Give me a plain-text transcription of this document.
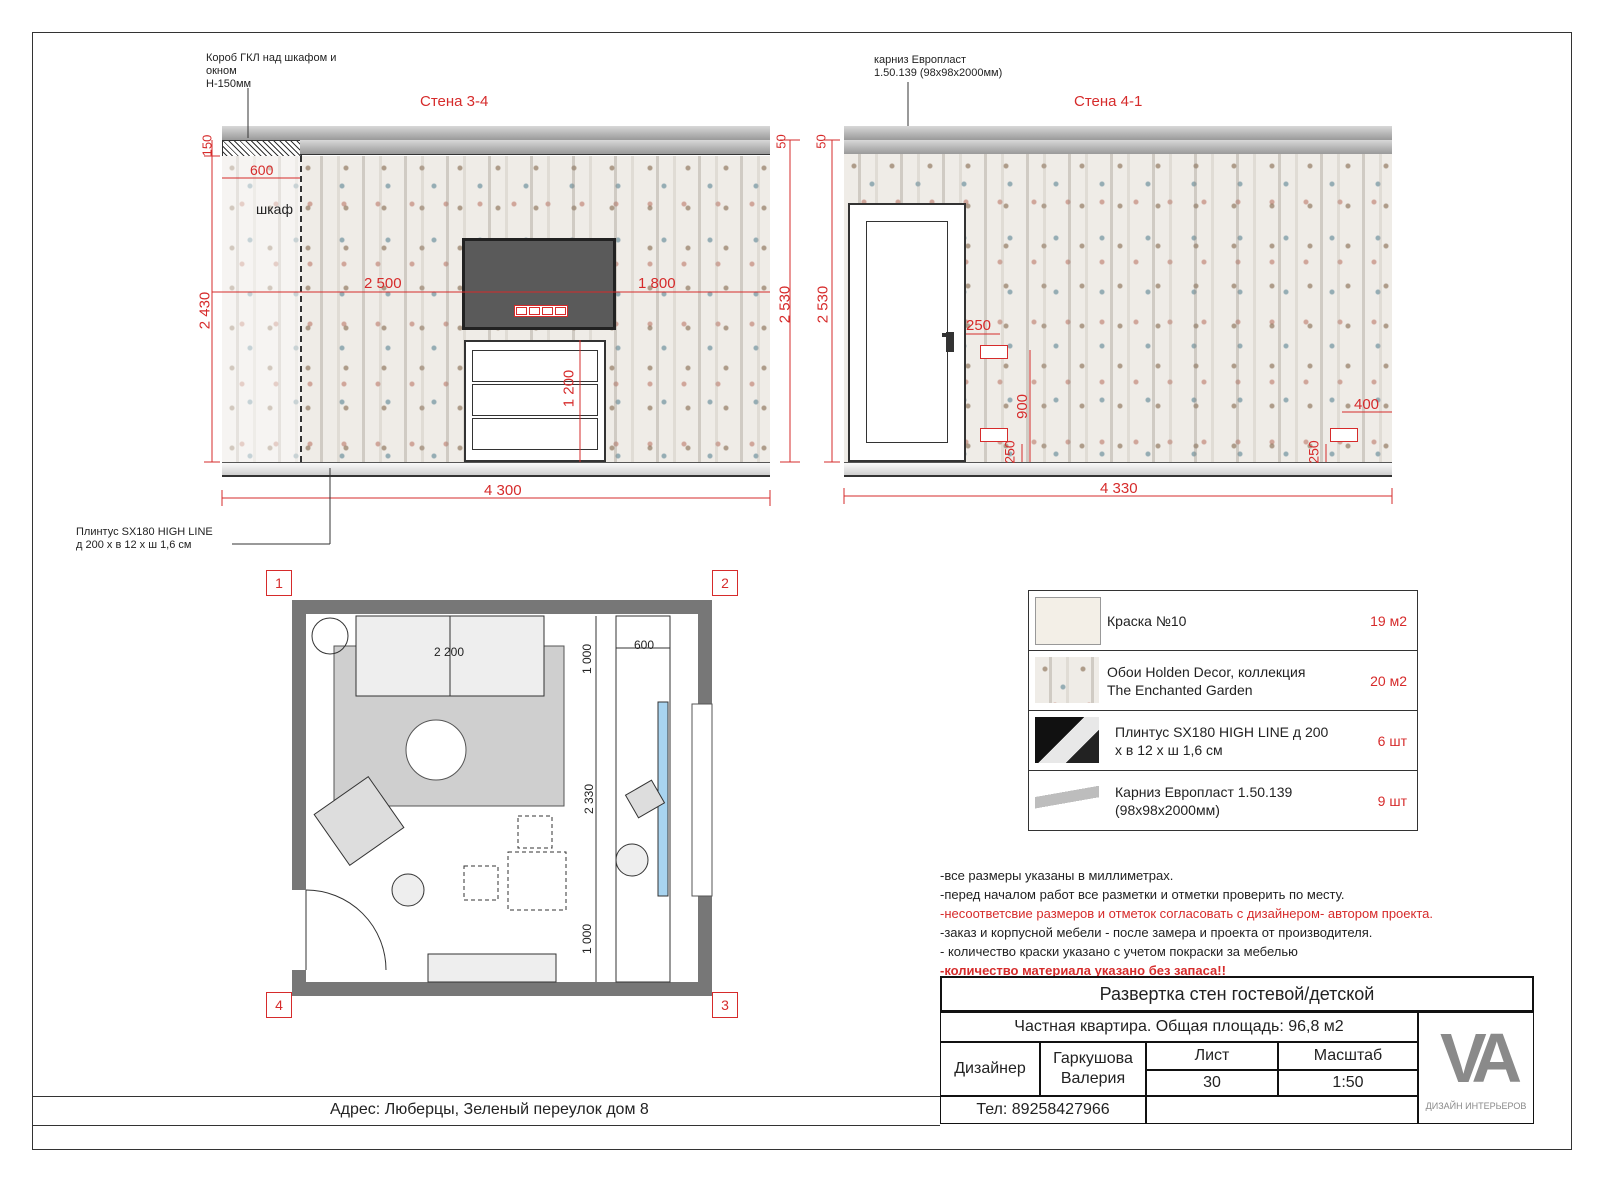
Короб ГКЛ над шкафом и окном
Н-150мм
карниз Европласт
1.50.139 (98х98х2000мм)
Плинтус SX180 HIGH LINE
д 200 х в 12 х ш 1,6 см
Стена 3-4	Стена 4-1
шкаф
150
600
2 430
2 500	1 800
1 200
2 530
50
4 300
50
2 530
250
900
250	250
400
4 330
1	2
3
4
2 200	600
1 000
2 330
1 000
Краска №10	19 м2
Обои Holden Decor, коллекция The Enchanted Garden
20 м2
Плинтус SX180 HIGH LINE д 200 х в 12 х ш 1,6 см
6 шт
Карниз Европласт 1.50.139 (98х98х2000мм)
9 шт
-все размеры указаны в миллиметрах.
-перед началом работ все разметки и отметки проверить по месту.
-несоответсвие размеров и отметок согласовать с дизайнером- автором проекта.
-заказ и корпусной мебели - после замера и проекта от производителя.
- количество краски указано с учетом покраски за мебелью
-количество материала указано без запаса!!
Развертка стен гостевой/детской
Частная квартира. Общая площадь: 96,8 м2
Дизайнер
Гаркушова Валерия
Лист
30
Масштаб
1:50
Тел: 89258427966
VA
ДИЗАЙН ИНТЕРЬЕРОВ
Адрес: Люберцы, Зеленый переулок дом 8
